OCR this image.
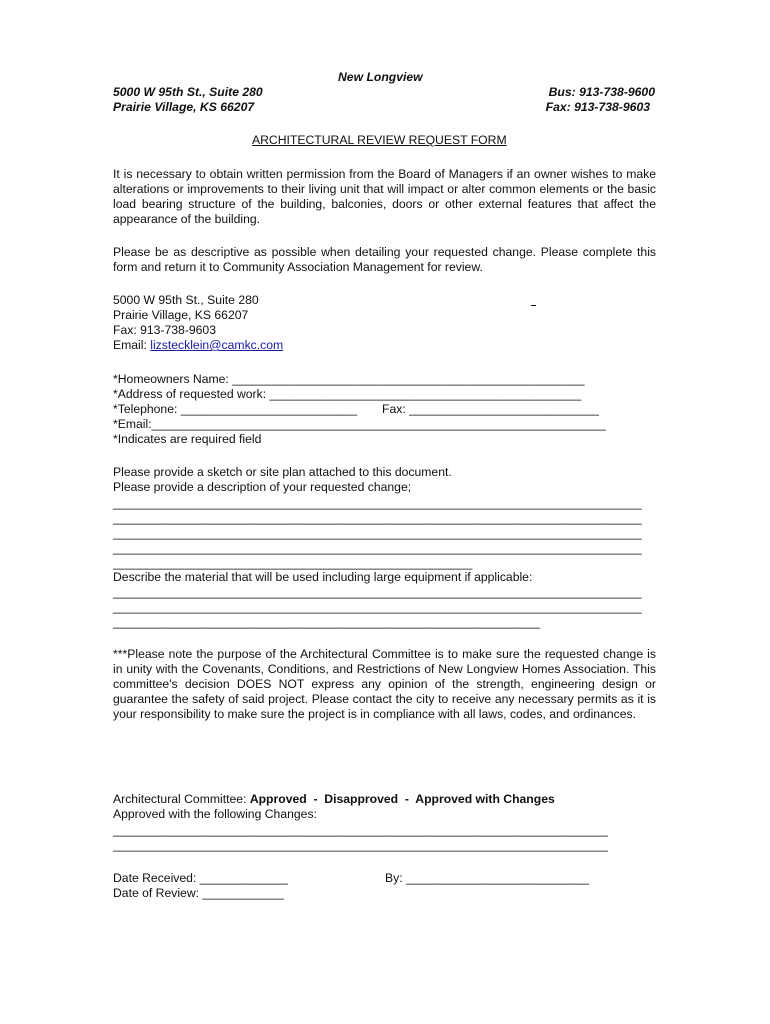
New Longview
5000 W 95th St., Suite 280
Prairie Village, KS 66207
Bus: 913-738-9600
Fax: 913-738-9603
ARCHITECTURAL REVIEW REQUEST FORM
It is necessary to obtain written permission from the Board of Managers if an owner wishes to make alterations or improvements to their living unit that will impact or alter common elements or the basic load bearing structure of the building, balconies, doors or other external features that affect the appearance of the building.
Please be as descriptive as possible when detailing your requested change. Please complete this form and return it to Community Association Management for review.
5000 W 95th St., Suite 280
Prairie Village, KS 66207
Fax: 913-738-9603
Email: lizstecklein@camkc.com
*Homeowners Name: ____________________________________________________
*Address of requested work: ______________________________________________
*Telephone: __________________________ Fax: ____________________________
*Email:___________________________________________________________________
*Indicates are required field
Please provide a sketch or site plan attached to this document.
Please provide a description of your requested change;
______________________________________________________________________________
______________________________________________________________________________
______________________________________________________________________________
______________________________________________________________________________
_____________________________________________________
Describe the material that will be used including large equipment if applicable:
______________________________________________________________________________
______________________________________________________________________________
_______________________________________________________________
***Please note the purpose of the Architectural Committee is to make sure the requested change is in unity with the Covenants, Conditions, and Restrictions of New Longview Homes Association. This committee's decision DOES NOT express any opinion of the strength, engineering design or guarantee the safety of said project. Please contact the city to receive any necessary permits as it is your responsibility to make sure the project is in compliance with all laws, codes, and ordinances.
Architectural Committee: Approved  -  Disapproved  -  Approved with Changes
Approved with the following Changes:
_________________________________________________________________________
_________________________________________________________________________
Date Received: _____________	By: ___________________________
Date of Review: ____________
